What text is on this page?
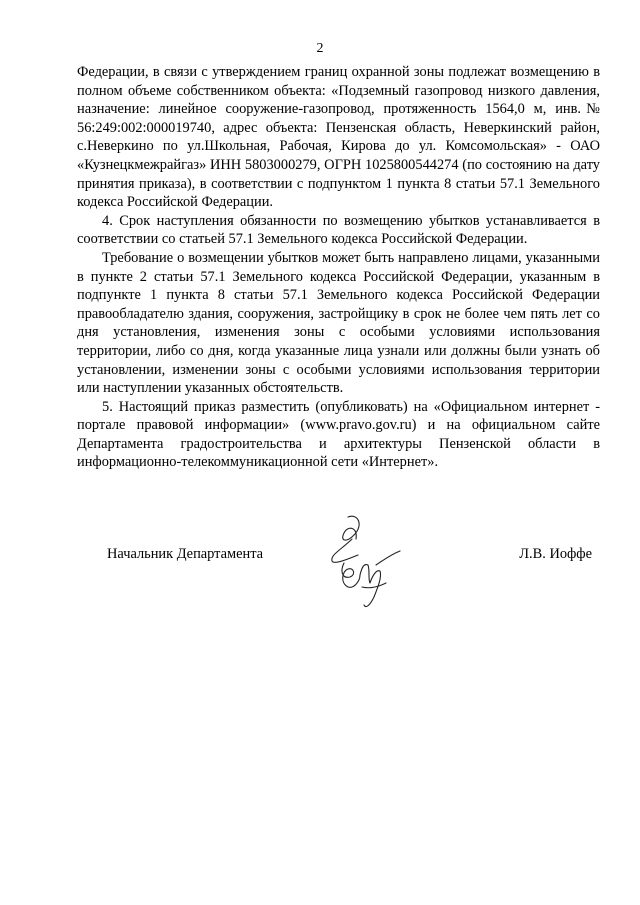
2

Федерации, в связи с утверждением границ охранной зоны подлежат возмещению в полном объеме собственником объекта: «Подземный газопровод низкого давления, назначение: линейное сооружение-газопровод, протяженность 1564,0 м, инв.№ 56:249:002:000019740, адрес объекта: Пензенская область, Неверкинский район, с.Неверкино по ул.Школьная, Рабочая, Кирова до ул. Комсомольская» - ОАО «Кузнецкмежрайгаз» ИНН 5803000279, ОГРН 1025800544274 (по состоянию на дату принятия приказа), в соответствии с подпунктом 1 пункта 8 статьи 57.1 Земельного кодекса Российской Федерации.

4. Срок наступления обязанности по возмещению убытков устанавливается в соответствии со статьей 57.1 Земельного кодекса Российской Федерации.

Требование о возмещении убытков может быть направлено лицами, указанными в пункте 2 статьи 57.1 Земельного кодекса Российской Федерации, указанным в подпункте 1 пункта 8 статьи 57.1 Земельного кодекса Российской Федерации правообладателю здания, сооружения, застройщику в срок не более чем пять лет со дня установления, изменения зоны с особыми условиями использования территории, либо со дня, когда указанные лица узнали или должны были узнать об установлении, изменении зоны с особыми условиями использования территории или наступлении указанных обстоятельств.

5. Настоящий приказ разместить (опубликовать) на «Официальном интернет - портале правовой информации» (www.pravo.gov.ru) и на официальном сайте Департамента градостроительства и архитектуры Пензенской области в информационно-телекоммуникационной сети «Интернет».

Начальник Департамента	Л.В. Иоффе
